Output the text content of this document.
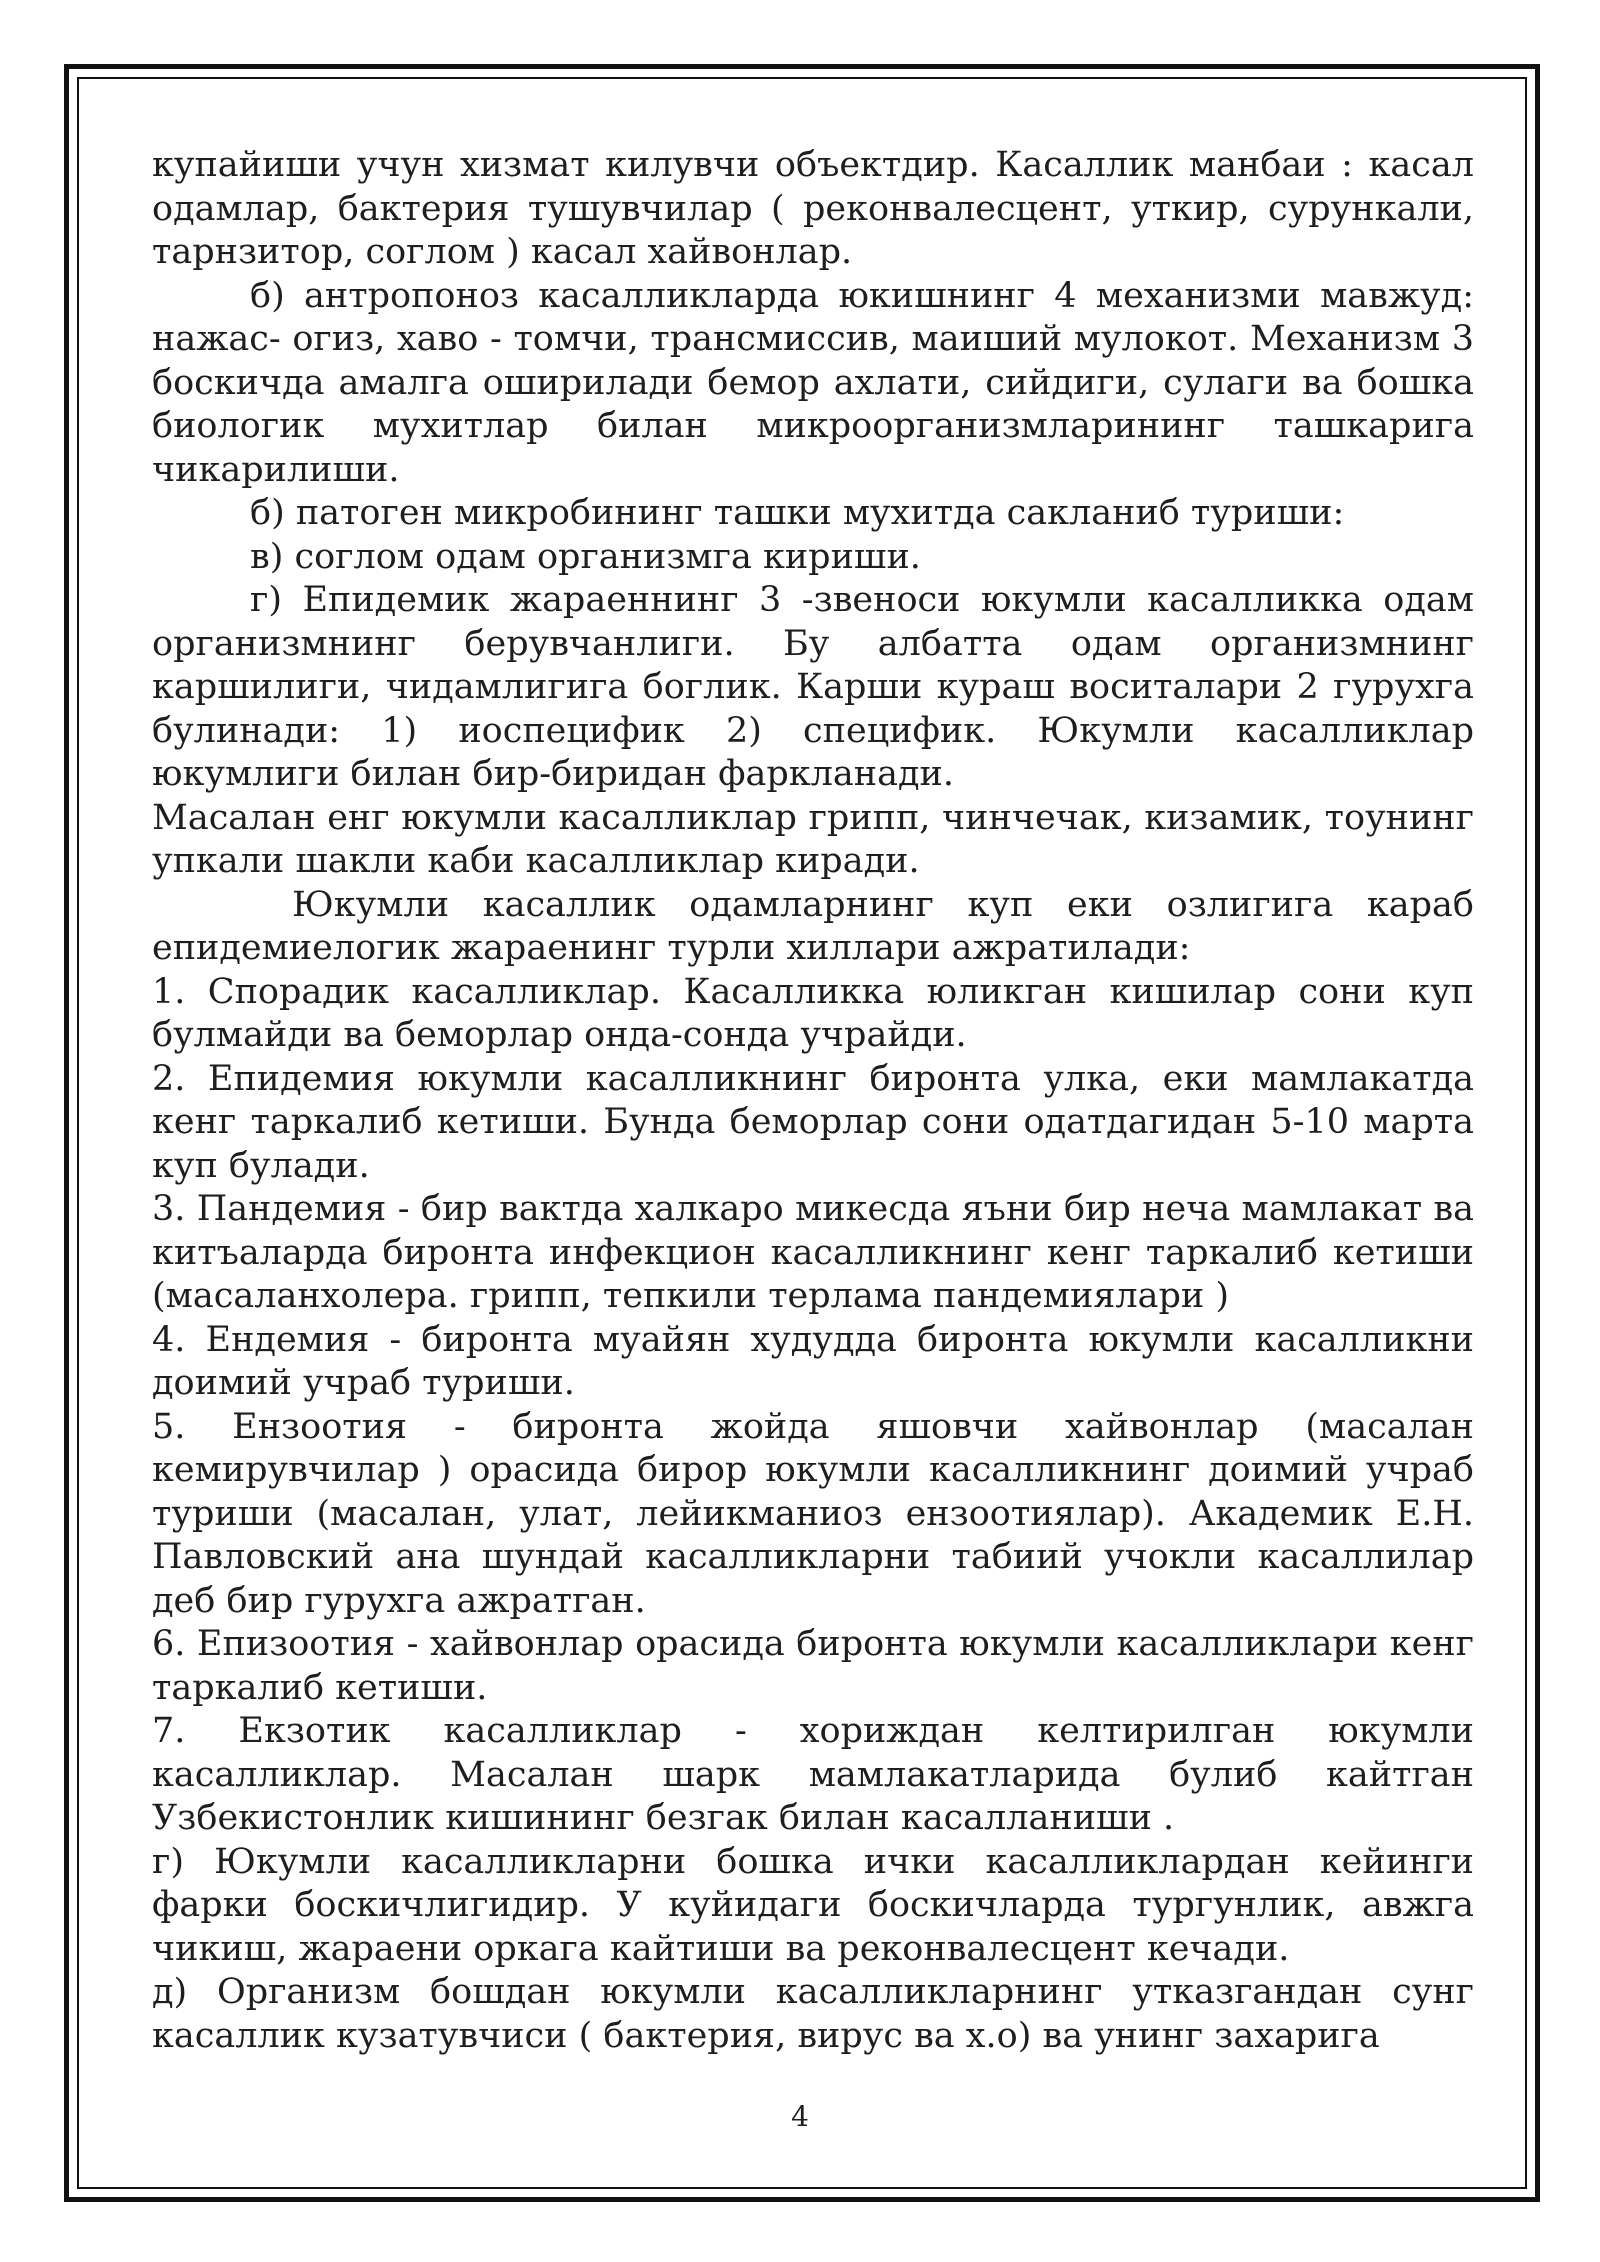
купайиши учун хизмат килувчи объектдир. Касаллик манбаи : касал одамлар, бактерия тушувчилар ( реконвалесцент, уткир, сурункали, тарнзитор, соглом ) касал хайвонлар.

б) антропоноз касалликларда юкишнинг 4 механизми мавжуд: нажас- огиз, хаво - томчи, трансмиссив, маиший мулокот. Механизм 3 боскичда амалга оширилади бемор ахлати, сийдиги, сулаги ва бошка биологик мухитлар билан микроорганизмларининг ташкарига чикарилиши.

б) патоген микробининг ташки мухитда сакланиб туриши:

в) соглом одам организмга кириши.

г) Епидемик жараеннинг 3 -звеноси юкумли касалликка одам организмнинг берувчанлиги. Бу албатта одам организмнинг каршилиги, чидамлигига боглик. Карши кураш воситалари 2 гурухга булинади: 1) иоспецифик 2) специфик. Юкумли касалликлар юкумлиги билан бир-биридан фаркланади.

Масалан енг юкумли касалликлар грипп, чинчечак, кизамик, тоунинг упкали шакли каби касалликлар киради.

Юкумли касаллик одамларнинг куп еки озлигига караб епидемиелогик жараенинг турли хиллари ажратилади:

1. Спорадик касалликлар. Касалликка юликган кишилар сони куп булмайди ва беморлар онда-сонда учрайди.

2. Епидемия юкумли касалликнинг биронта улка, еки мамлакатда кенг таркалиб кетиши. Бунда беморлар сони одатдагидан 5-10 марта куп булади.

3. Пандемия - бир вактда халкаро микесда яъни бир неча мамлакат ва китъаларда биронта инфекцион касалликнинг кенг таркалиб кетиши (масаланхолера. грипп, тепкили терлама пандемиялари )

4. Ендемия - биронта муайян худудда биронта юкумли касалликни доимий учраб туриши.

5. Ензоотия - биронта жойда яшовчи хайвонлар (масалан кемирувчилар ) орасида бирор юкумли касалликнинг доимий учраб туриши (масалан, улат, лейикманиоз ензоотиялар). Академик Е.Н. Павловский ана шундай касалликларни табиий учокли касаллилар деб бир гурухга ажратган.

6. Епизоотия - хайвонлар орасида биронта юкумли касалликлари кенг таркалиб кетиши.

7. Екзотик касалликлар - хориждан келтирилган юкумли касалликлар. Масалан шарк мамлакатларида булиб кайтган Узбекистонлик кишининг безгак билан касалланиши .

г) Юкумли касалликларни бошка ички касалликлардан кейинги фарки боскичлигидир. У куйидаги боскичларда тургунлик, авжга чикиш, жараени оркага кайтиши ва реконвалесцент кечади.

д) Организм бошдан юкумли касалликларнинг утказгандан сунг касаллик кузатувчиси ( бактерия, вирус ва х.о) ва унинг захарига

4
